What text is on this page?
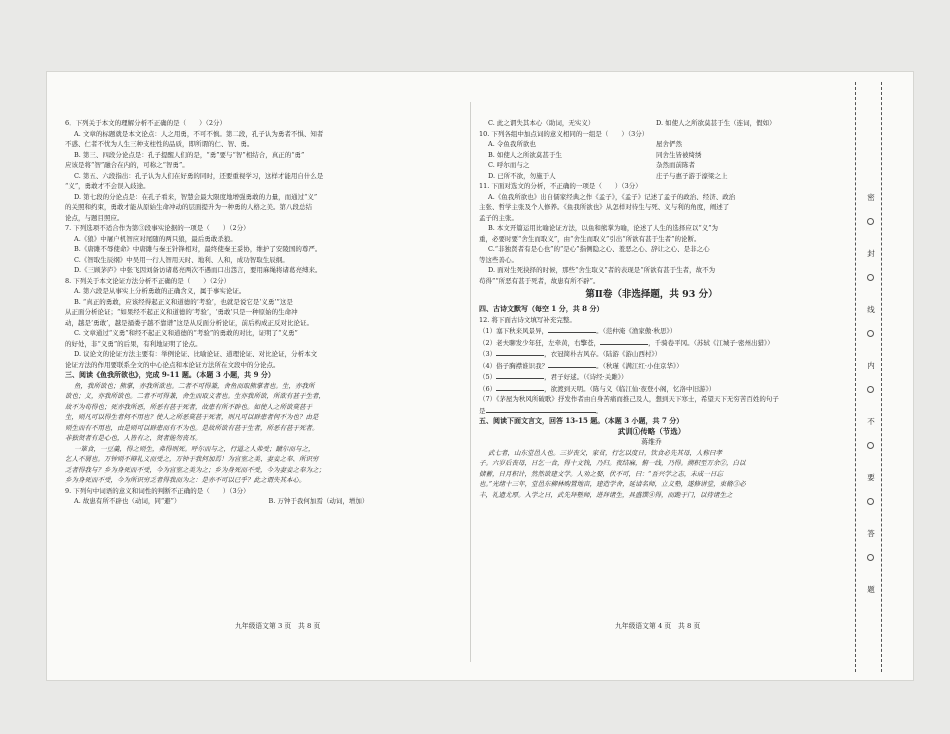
6．下列关于本文的理解分析不正确的是（　　）（2分）
A. 文章的标题就是本文论点：人之用勇，不可不慎。第二段，孔子认为勇者不惧、知者
不惑、仁者不忧为人生三种支柱性的品质，即所谓的仁、智、勇。
B. 第三、四段分论点是：孔子提醒人们的是，“勇”要与“智”相结合，真正的“勇”
应该是将“智”融合在内的，可称之“智勇”。
C. 第五、六段指出：孔子认为人们在好勇的同时，还要重视学习，这样才能用自什么是
“义”，勇敢才不会误入歧途。
D. 第七段的分论点是：在孔子看来，智慧会最大限度地增强勇敢的力量，而通过“义”
的关照和约束，勇敢才能从原始生命冲动的层面提升为一种勇的人格之美。第八段总结
论点，与题目照应。
7. 下列选项不适合作为第③段事实论据的一项是（　　）（2分）
A.《狼》中屠户机智应对尾随的两只狼，最后勇敢杀狼。
B.《唐雎不辱使命》中唐雎与秦王针锋相对，最终使秦王妥协，维护了安陵国的尊严。
C.《智取生辰纲》中吴用一行人智用天时、地利、人和，成功智取生辰纲。
D.《三顾茅庐》中张飞因刘备访诸葛亮两次不遇而口出怨言，要用麻绳将诸葛亮缚来。
8. 下列关于本文论证方法分析不正确的是（　　）（2分）
A. 第六段是从事实上分析勇敢的正确含义，属于事实论证。
B. “真正的勇敢，应该经得起正义和道德的‘考验’，也就是说它是‘义勇’”这是
从正面分析论证；“如果经不起正义和道德的‘考验’，‘勇敢’只是一种原始的生命冲
动，越是‘勇敢’，越是捅娄子越不靠谱”这是从反面分析论证，前后构成正反对比论证。
C. 文章通过“义勇”和经不起正义和道德的“考验”的勇敢的对比，证明了“义勇”
的好处，非“义勇”的后果，有利地证明了论点。
D. 议论文的论证方法主要有：举例论证、比喻论证、道理论证、对比论证，分析本文
论证方法的作用要联系全文的中心论点和本论证方法所在文段中的分论点。
三、阅读《鱼我所欲也》，完成 9-11 题。（本题 3 小题，共 9 分）
鱼，我所欲也；熊掌，亦我所欲也。二者不可得兼，舍鱼而取熊掌者也。生，亦我所
欲也；义，亦我所欲也。二者不可得兼，舍生而取义者也。生亦我所欲，所欲有甚于生者，
故不为苟得也；死亦我所恶，所恶有甚于死者，故患有所不辟也。如使人之所欲莫甚于
生，则凡可以得生者何不用也？使人之所恶莫甚于死者，则凡可以辟患者何不为也？由是
则生而有不用也，由是则可以辟患而有不为也。是故所欲有甚于生者，所恶有甚于死者。
非独贤者有是心也，人皆有之，贤者能勿丧耳。
一箪食，一豆羹，得之则生，弗得则死。呼尔而与之，行道之人弗受；蹴尔而与之，
乞人不屑也。万钟则不辩礼义而受之，万钟于我何加焉！为宫室之美、妻妾之奉、所识穷
乏者得我与？乡为身死而不受，今为宫室之美为之；乡为身死而不受，今为妻妾之奉为之；
乡为身死而不受，今为所识穷乏者得我而为之：是亦不可以已乎？此之谓失其本心。
9. 下列句中词语的意义和词性的判断不正确的是（　　）（3分）
A. 故患有所不辟也（动词，同“避”）	B. 万钟于我何加焉（动词，增加）
九年级语文第 3 页　共 8 页
C. 此之谓失其本心（助词，无实义）	D. 如使人之所欲莫甚于生（连词，假如）
10. 下列各组中加点词的意义相同的一组是（　　）（3分）
A. 令鱼我所欲也	屋舍俨然
B. 如使人之所欲莫甚于生	同舍生皆被绮绣
C. 呼尔而与之	杂然而前陈者
D. 已所不欲，勿施于人	庄子与惠子游于濠梁之上
11. 下面对选文的分析，不正确的一项是（　　）（3分）
A.《鱼我所欲也》出自儒家经典之作《孟子》，《孟子》记述了孟子的政治、经济、政治
主张、哲学主张及个人修养。《鱼我所欲也》从怎样对待生与死、义与利的角度，阐述了
孟子的主张。
B. 本文开篇运用比喻论证方法，以鱼和熊掌为喻，论述了人生的选择应以“义”为
重，必要时要“舍生而取义”，由“舍生而取义”引出“所欲有甚于生者”的论断。
C.“非独贤者有是心也”的“是心”指侧隐之心、羞恶之心、辞让之心、是非之心
等这些善心。
D. 面对生死抉择的时候，那些“舍生取义”者的表现是“所欲有甚于生者，故不为
苟得”“所恶有甚于死者，故患有所不辟”。
第Ⅱ卷（非选择题，共 93 分）
四、古诗文默写（每空 1 分，共 8 分）
12. 将下面古诗文填写补充完整。
（1）塞下秋来风景异，	。（范仲淹《渔家傲·秋思》）
（2）老夫聊发少年狂，左牵黄，右擎苍，	，千骑卷平冈。（苏轼《江城子·密州出猎》）
（3）	，衣冠简朴古风存。（陆游《游山西村》）
（4）俗子胸襟谁识我？	。（秋瑾《满江红·小住京华》）
（5）	，君子好逑。（《诗经·关雎》）
（6）	，欲渡到天明。（陈与义《临江仙·夜登小阁，忆洛中旧游》）
（7）《茅屋为秋风所破歌》抒发作者由自身苦痛而推己及人，想到天下寒士，希望天下无穷苦百姓的句子
是	。
五、阅读下面文言文，回答 13-15 题。（本题 3 小题，共 7 分）
武训①传略（节选）
蒋维乔
武七者，山东堂邑人也。三岁丧父，家贫，行乞以度日，饮食必先其母，人称曰孝
子。六岁后丧母，日乞一食，得十文钱，乃归。夜结麻，俯一线，乃得。溯积至万余②，白以
储蓄，日月积计，然然欲建文学。人劝之娶，伏不可，曰：“吾兴学之志，未成一日忘
也。”光绪十三年，堂邑东柳林购置地亩，建造学舍，延请名师，立义塾，遂修讲堂，束脩③必
丰，礼遗尤厚。入学之日，武先拜塾师，进拜诸生，具盛馔④得，而跪于门，以待诸生之
九年级语文第 4 页　共 8 页
密
封
线
内
不
要
答
题
